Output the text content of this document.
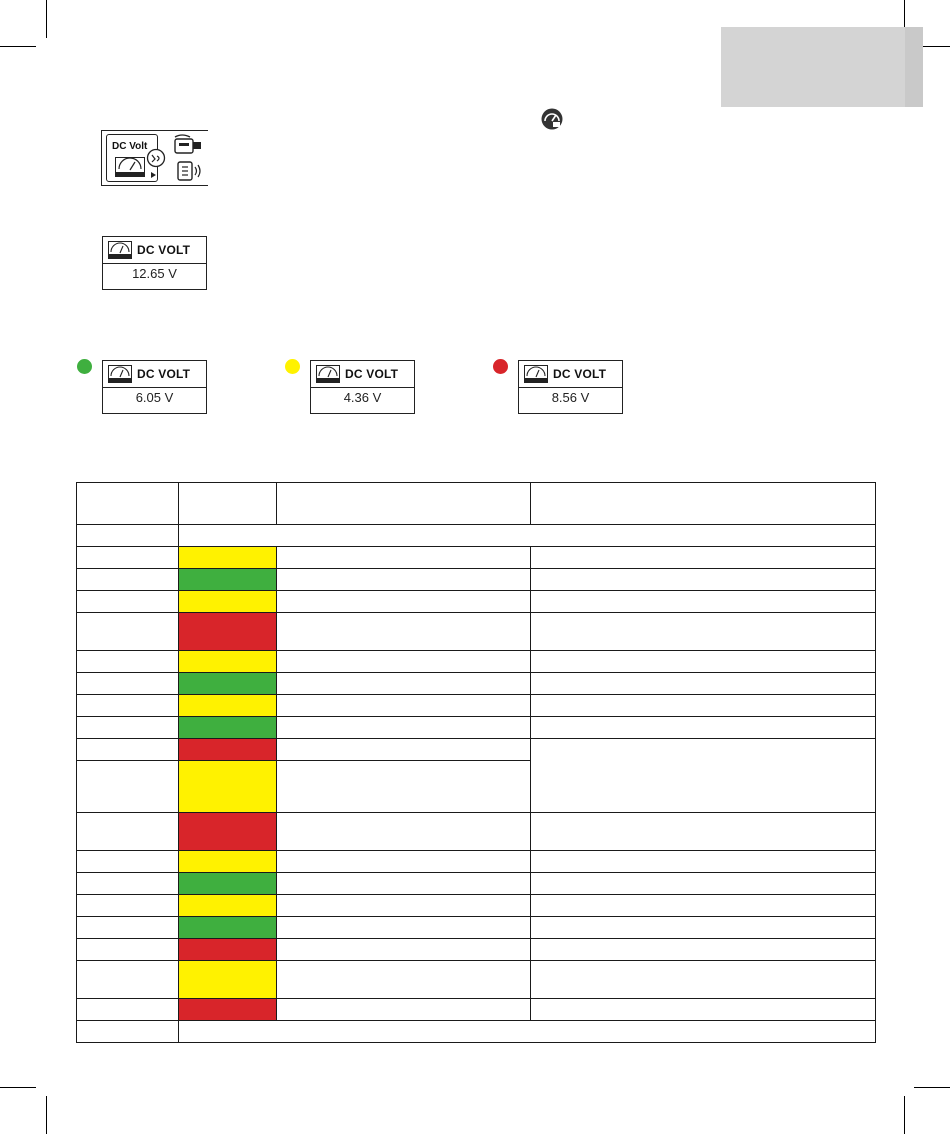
DC Volt
DC VOLT
12.65 V
DC VOLT
6.05 V
DC VOLT
4.36 V
DC VOLT
8.56 V
